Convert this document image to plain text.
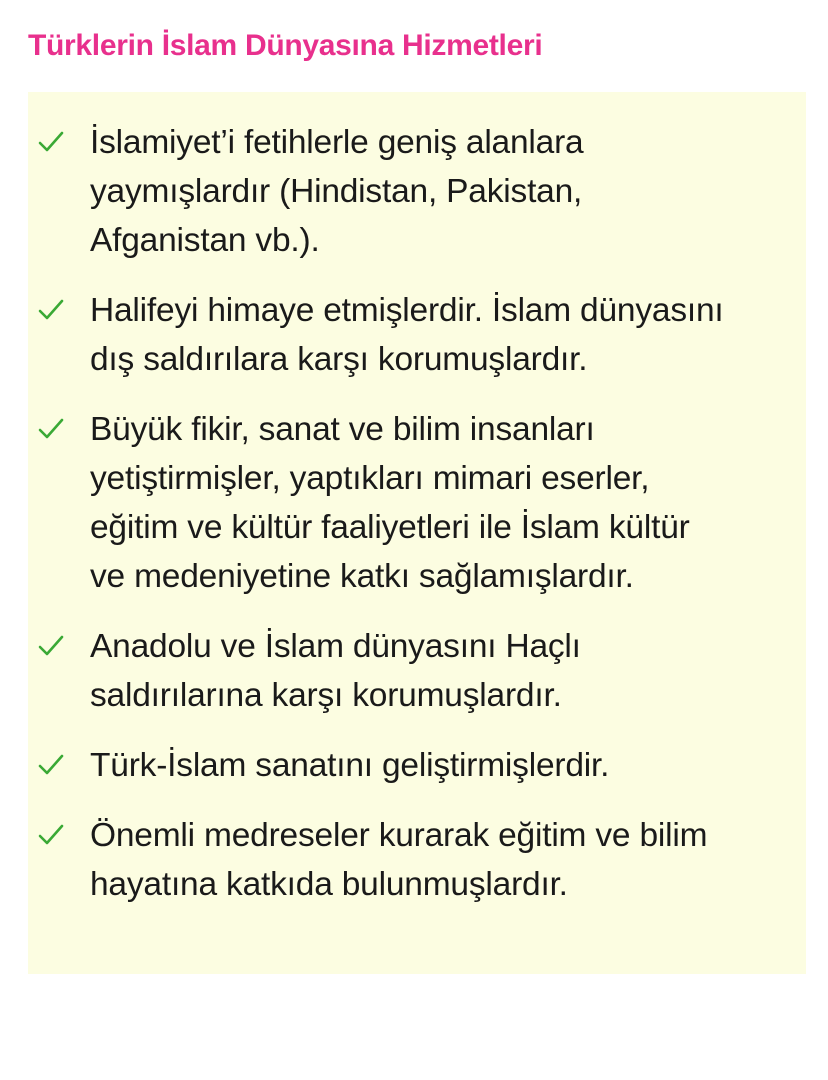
Türklerin İslam Dünyasına Hizmetleri
İslamiyet’i fetihlerle geniş alanlara
yaymışlardır (Hindistan, Pakistan,
Afganistan vb.).
Halifeyi himaye etmişlerdir. İslam dünyasını
dış saldırılara karşı korumuşlardır.
Büyük fikir, sanat ve bilim insanları
yetiştirmişler, yaptıkları mimari eserler,
eğitim ve kültür faaliyetleri ile İslam kültür
ve medeniyetine katkı sağlamışlardır.
Anadolu ve İslam dünyasını Haçlı
saldırılarına karşı korumuşlardır.
Türk-İslam sanatını geliştirmişlerdir.
Önemli medreseler kurarak eğitim ve bilim
hayatına katkıda bulunmuşlardır.
